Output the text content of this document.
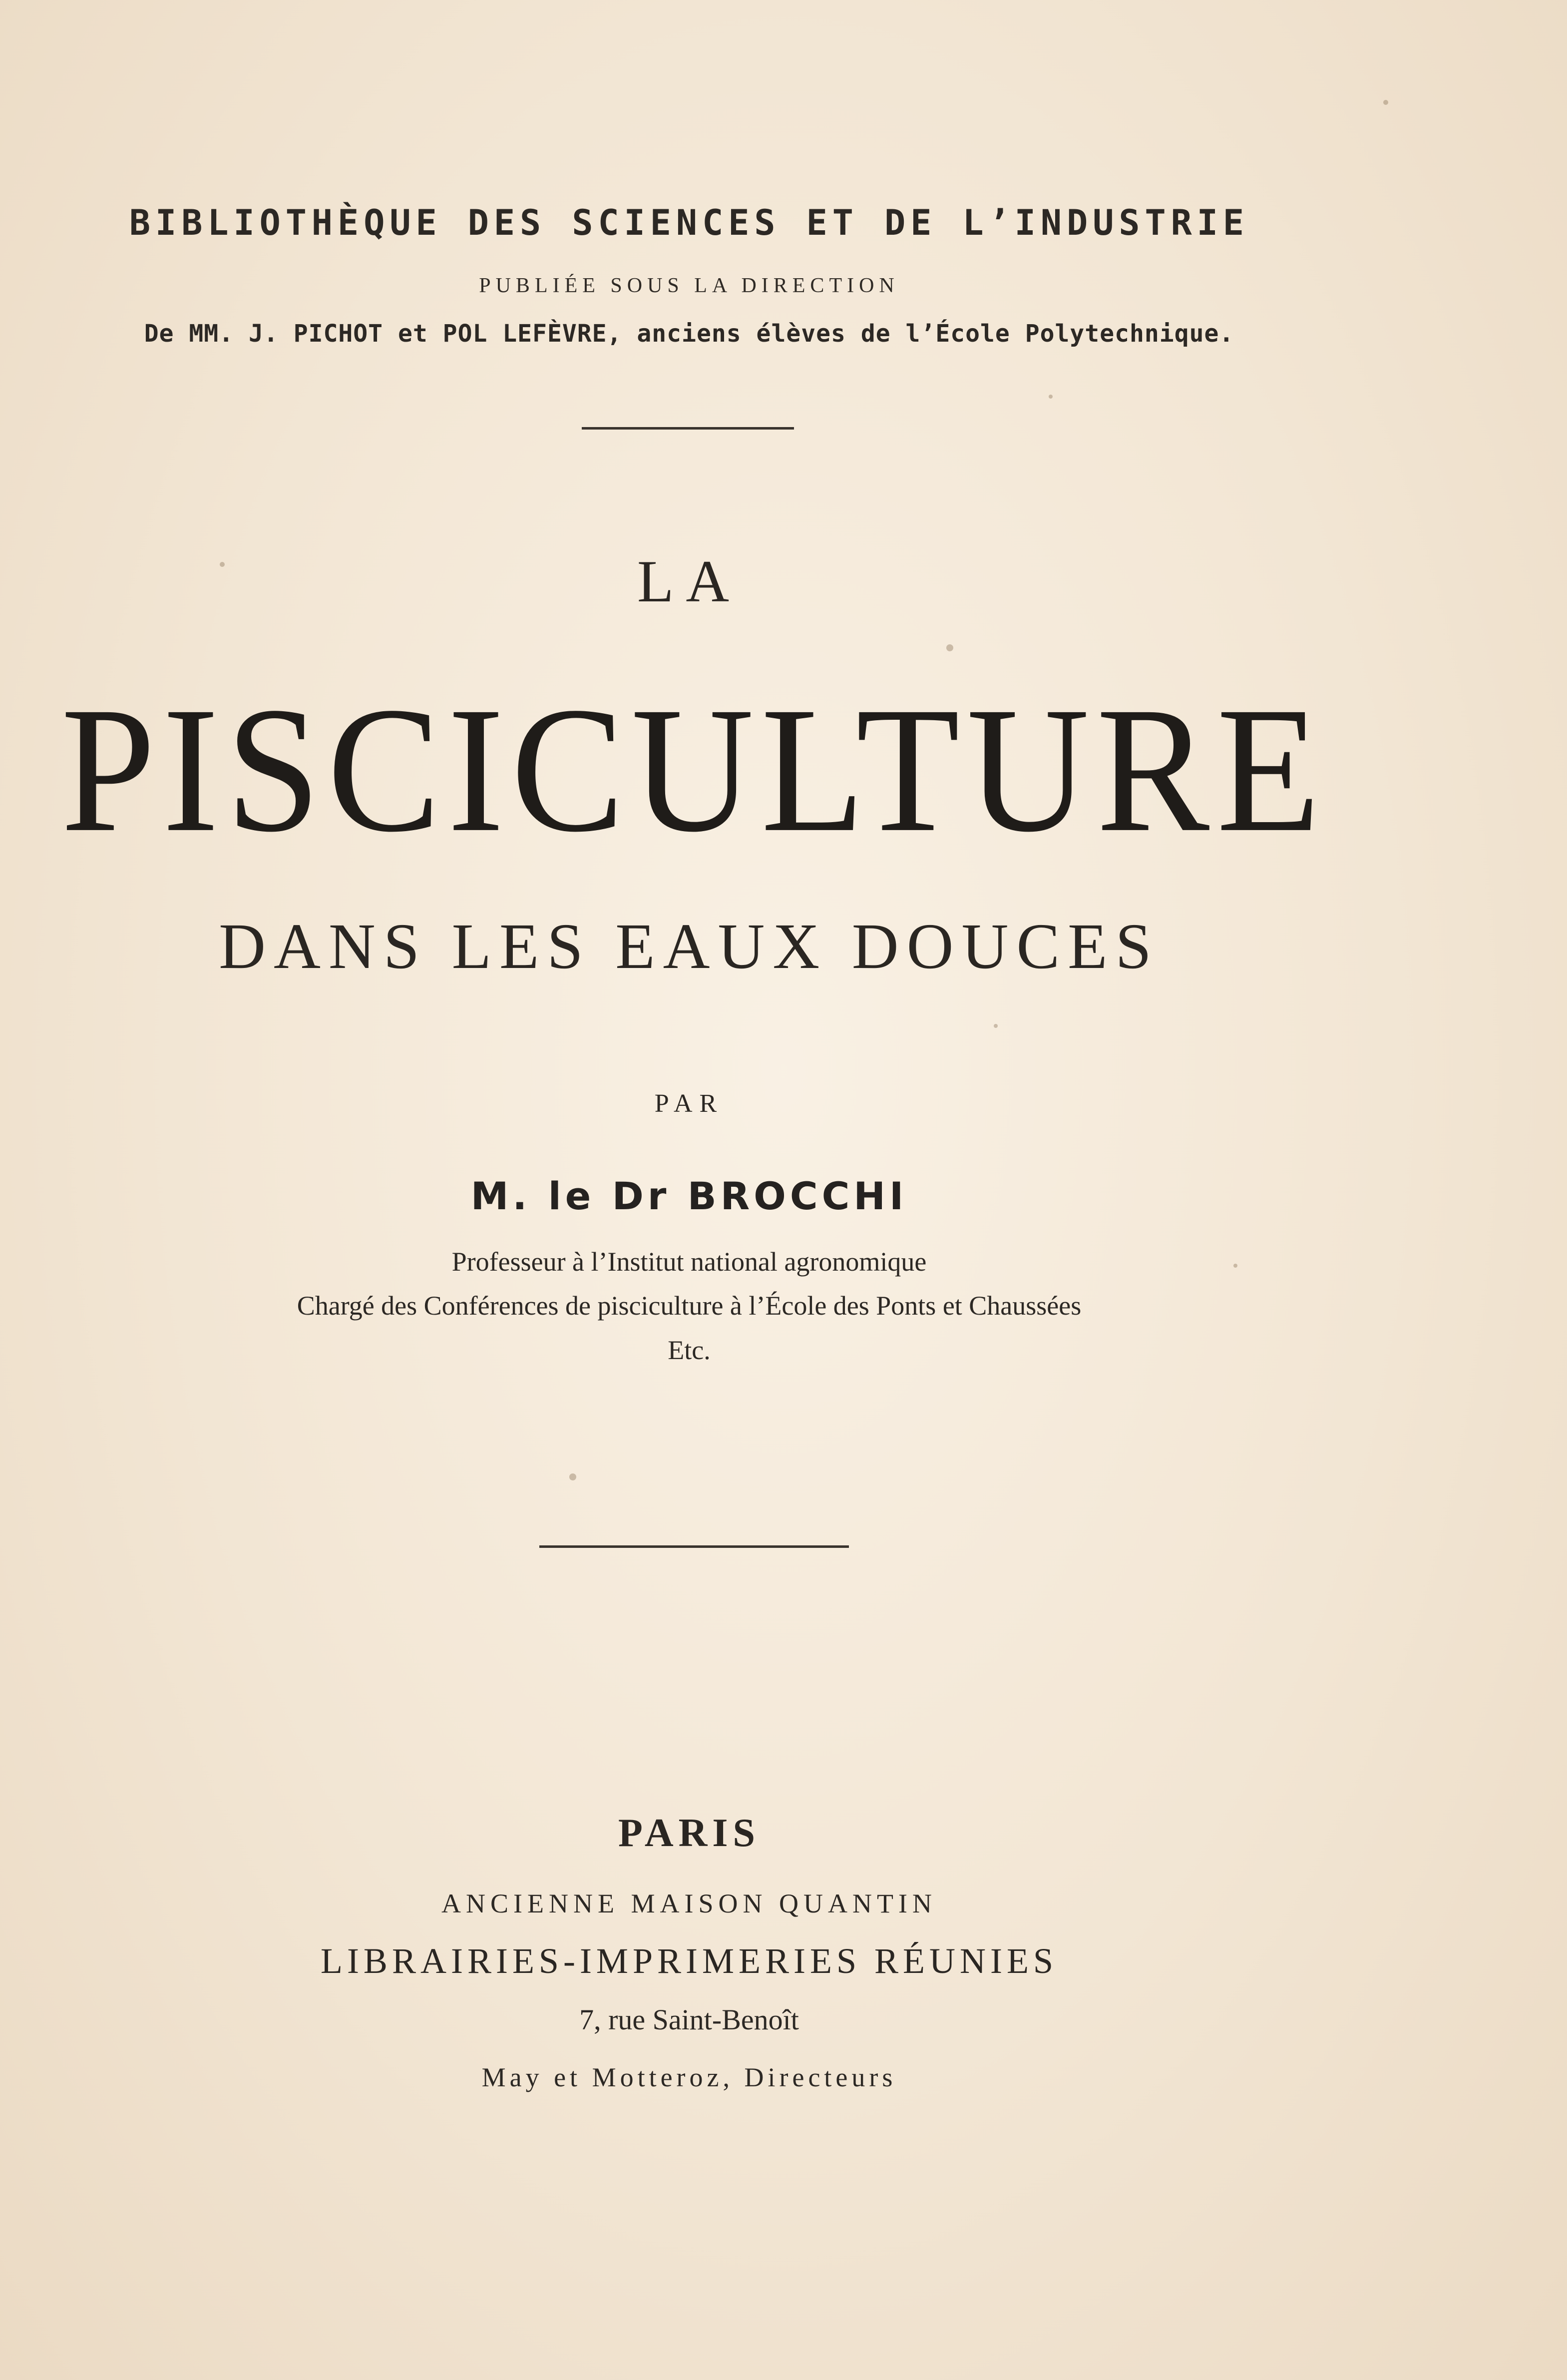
BIBLIOTHÈQUE DES SCIENCES ET DE L’INDUSTRIE
PUBLIÉE SOUS LA DIRECTION
De MM. J. PICHOT et POL LEFÈVRE, anciens élèves de l’École Polytechnique.
LA
PISCICULTURE
DANS LES EAUX DOUCES
PAR
M. le Dr BROCCHI
Professeur à l’Institut national agronomique
Chargé des Conférences de pisciculture à l’École des Ponts et Chaussées
Etc.
PARIS
ANCIENNE MAISON QUANTIN
LIBRAIRIES-IMPRIMERIES RÉUNIES
7, rue Saint-Benoît
May et Motteroz, Directeurs
